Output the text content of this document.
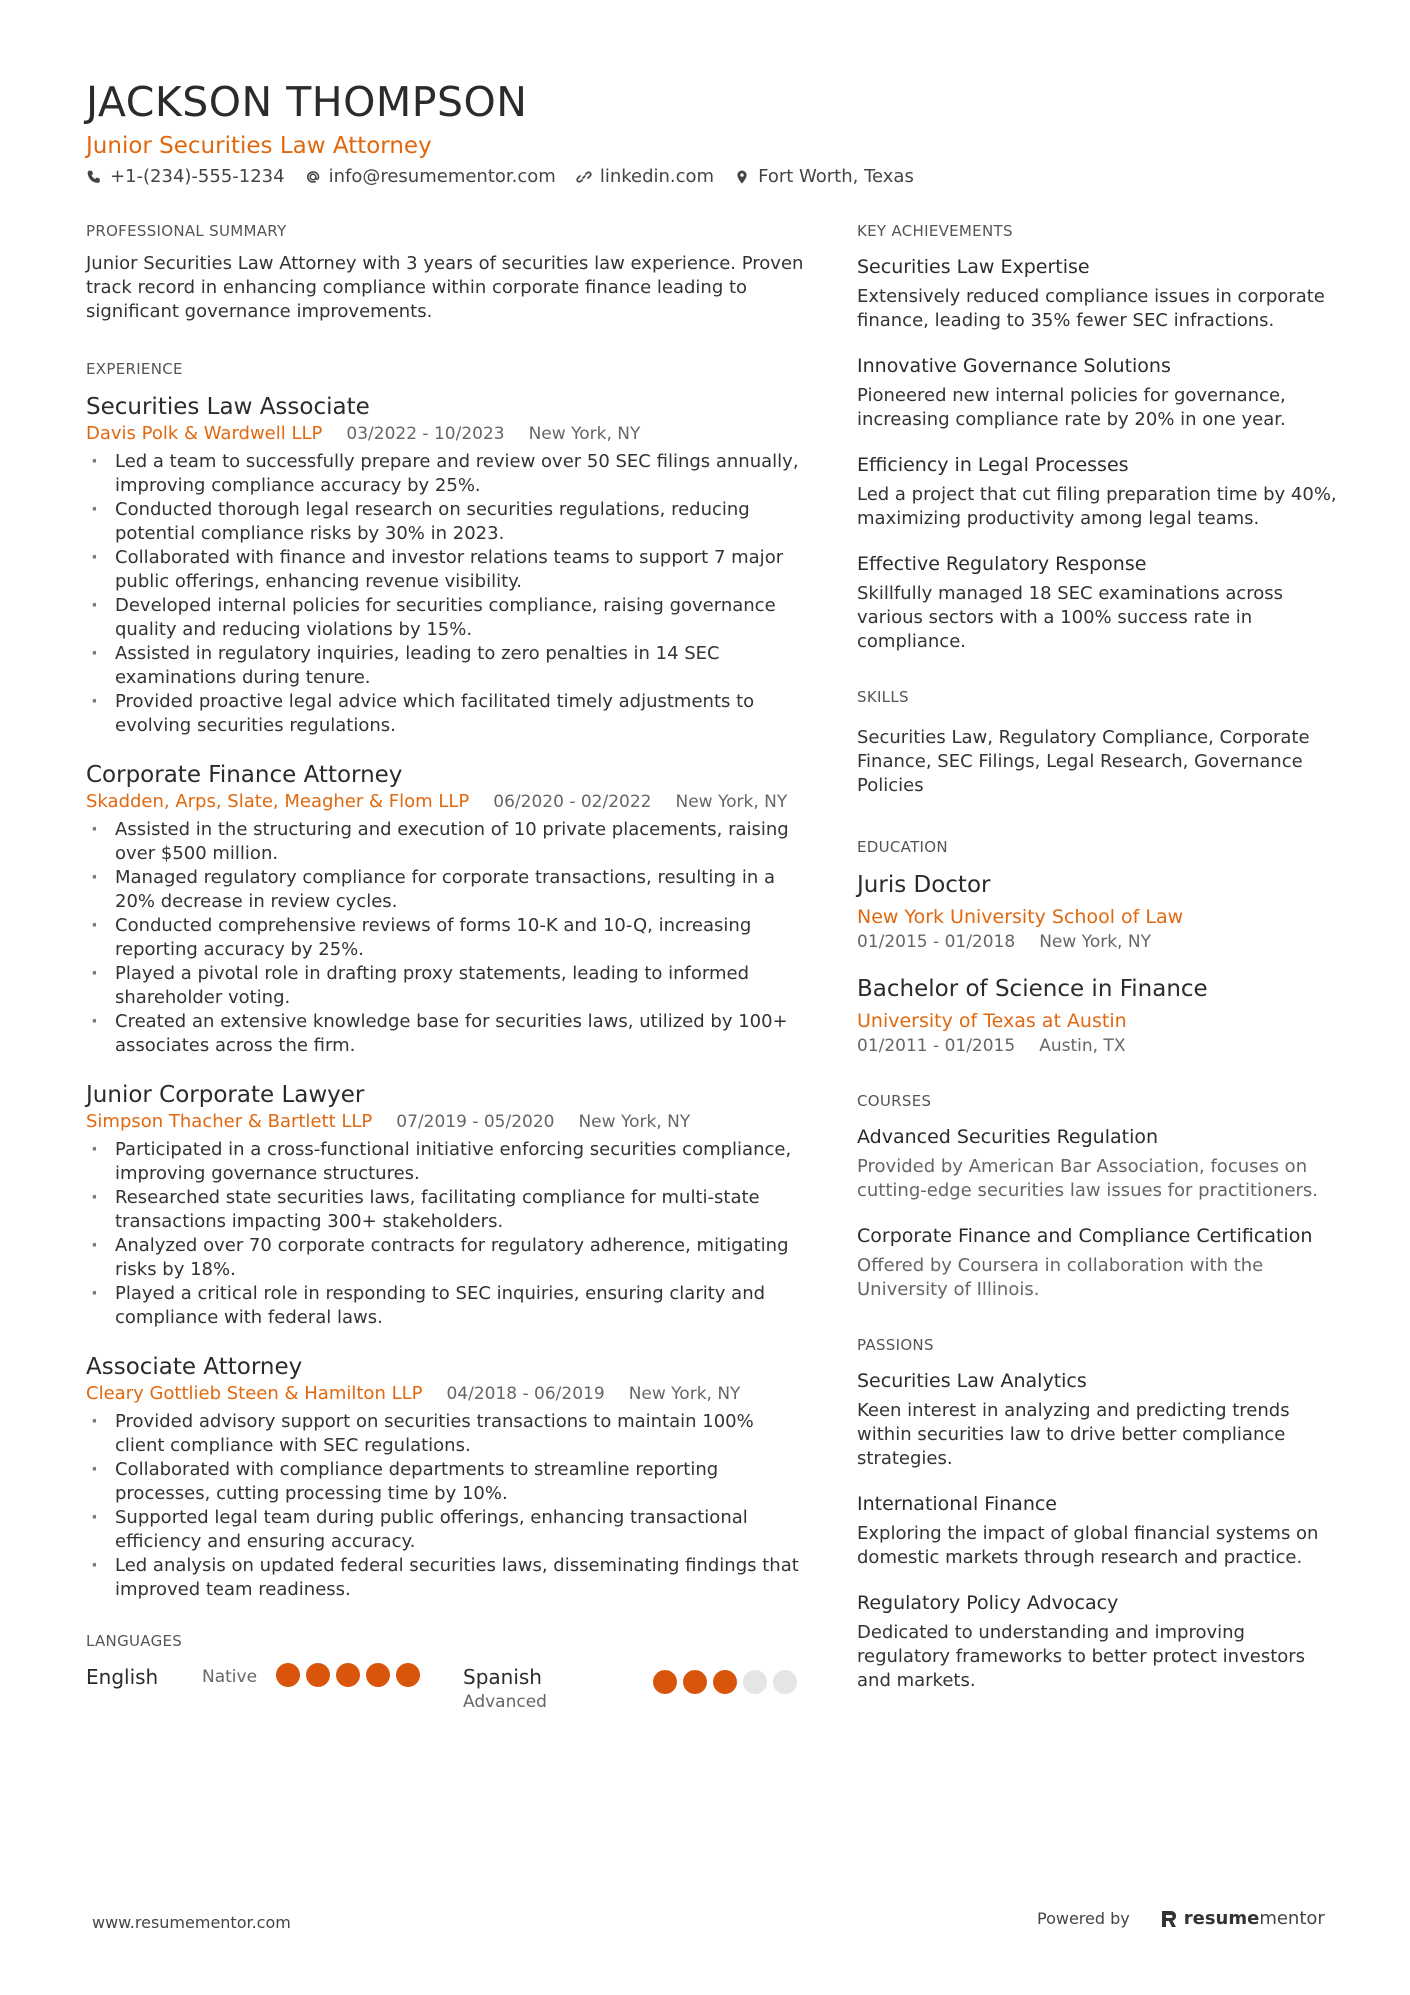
JACKSON THOMPSON
Junior Securities Law Attorney
+1-(234)-555-1234 info@resumementor.com linkedin.com Fort Worth, Texas
PROFESSIONAL SUMMARY

Junior Securities Law Attorney with 3 years of securities law experience. Proven track record in enhancing compliance within corporate finance leading to significant governance improvements.

EXPERIENCE
Securities Law Associate
Davis Polk & Wardwell LLP 03/2022 - 10/2023 New York, NY
· Led a team to successfully prepare and review over 50 SEC filings annually, improving compliance accuracy by 25%.
· Conducted thorough legal research on securities regulations, reducing potential compliance risks by 30% in 2023.
· Collaborated with finance and investor relations teams to support 7 major public offerings, enhancing revenue visibility.
· Developed internal policies for securities compliance, raising governance quality and reducing violations by 15%.
· Assisted in regulatory inquiries, leading to zero penalties in 14 SEC examinations during tenure.
· Provided proactive legal advice which facilitated timely adjustments to evolving securities regulations.
Corporate Finance Attorney
Skadden, Arps, Slate, Meagher & Flom LLP 06/2020 - 02/2022 New York, NY
· Assisted in the structuring and execution of 10 private placements, raising over $500 million.
· Managed regulatory compliance for corporate transactions, resulting in a 20% decrease in review cycles.
· Conducted comprehensive reviews of forms 10-K and 10-Q, increasing reporting accuracy by 25%.
· Played a pivotal role in drafting proxy statements, leading to informed shareholder voting.
· Created an extensive knowledge base for securities laws, utilized by 100+ associates across the firm.
Junior Corporate Lawyer
Simpson Thacher & Bartlett LLP 07/2019 - 05/2020 New York, NY
· Participated in a cross-functional initiative enforcing securities compliance, improving governance structures.
· Researched state securities laws, facilitating compliance for multi-state transactions impacting 300+ stakeholders.
· Analyzed over 70 corporate contracts for regulatory adherence, mitigating risks by 18%.
· Played a critical role in responding to SEC inquiries, ensuring clarity and compliance with federal laws.
Associate Attorney
Cleary Gottlieb Steen & Hamilton LLP 04/2018 - 06/2019 New York, NY
· Provided advisory support on securities transactions to maintain 100% client compliance with SEC regulations.
· Collaborated with compliance departments to streamline reporting processes, cutting processing time by 10%.
· Supported legal team during public offerings, enhancing transactional efficiency and ensuring accuracy.
· Led analysis on updated federal securities laws, disseminating findings that improved team readiness.
LANGUAGES
English	Native	Spanish
Advanced
KEY ACHIEVEMENTS
Securities Law Expertise
Extensively reduced compliance issues in corporate finance, leading to 35% fewer SEC infractions.
Innovative Governance Solutions
Pioneered new internal policies for governance, increasing compliance rate by 20% in one year.
Efficiency in Legal Processes
Led a project that cut filing preparation time by 40%, maximizing productivity among legal teams.
Effective Regulatory Response
Skillfully managed 18 SEC examinations across various sectors with a 100% success rate in compliance.
SKILLS
Securities Law, Regulatory Compliance, Corporate Finance, SEC Filings, Legal Research, Governance Policies
EDUCATION
Juris Doctor
New York University School of Law
01/2015 - 01/2018 New York, NY
Bachelor of Science in Finance
University of Texas at Austin
01/2011 - 01/2015 Austin, TX
COURSES
Advanced Securities Regulation
Provided by American Bar Association, focuses on cutting-edge securities law issues for practitioners.
Corporate Finance and Compliance Certification
Offered by Coursera in collaboration with the University of Illinois.
PASSIONS
Securities Law Analytics
Keen interest in analyzing and predicting trends within securities law to drive better compliance strategies.
International Finance
Exploring the impact of global financial systems on domestic markets through research and practice.
Regulatory Policy Advocacy
Dedicated to understanding and improving regulatory frameworks to better protect investors and markets.
www.resumementor.com	Powered by	resumementor
